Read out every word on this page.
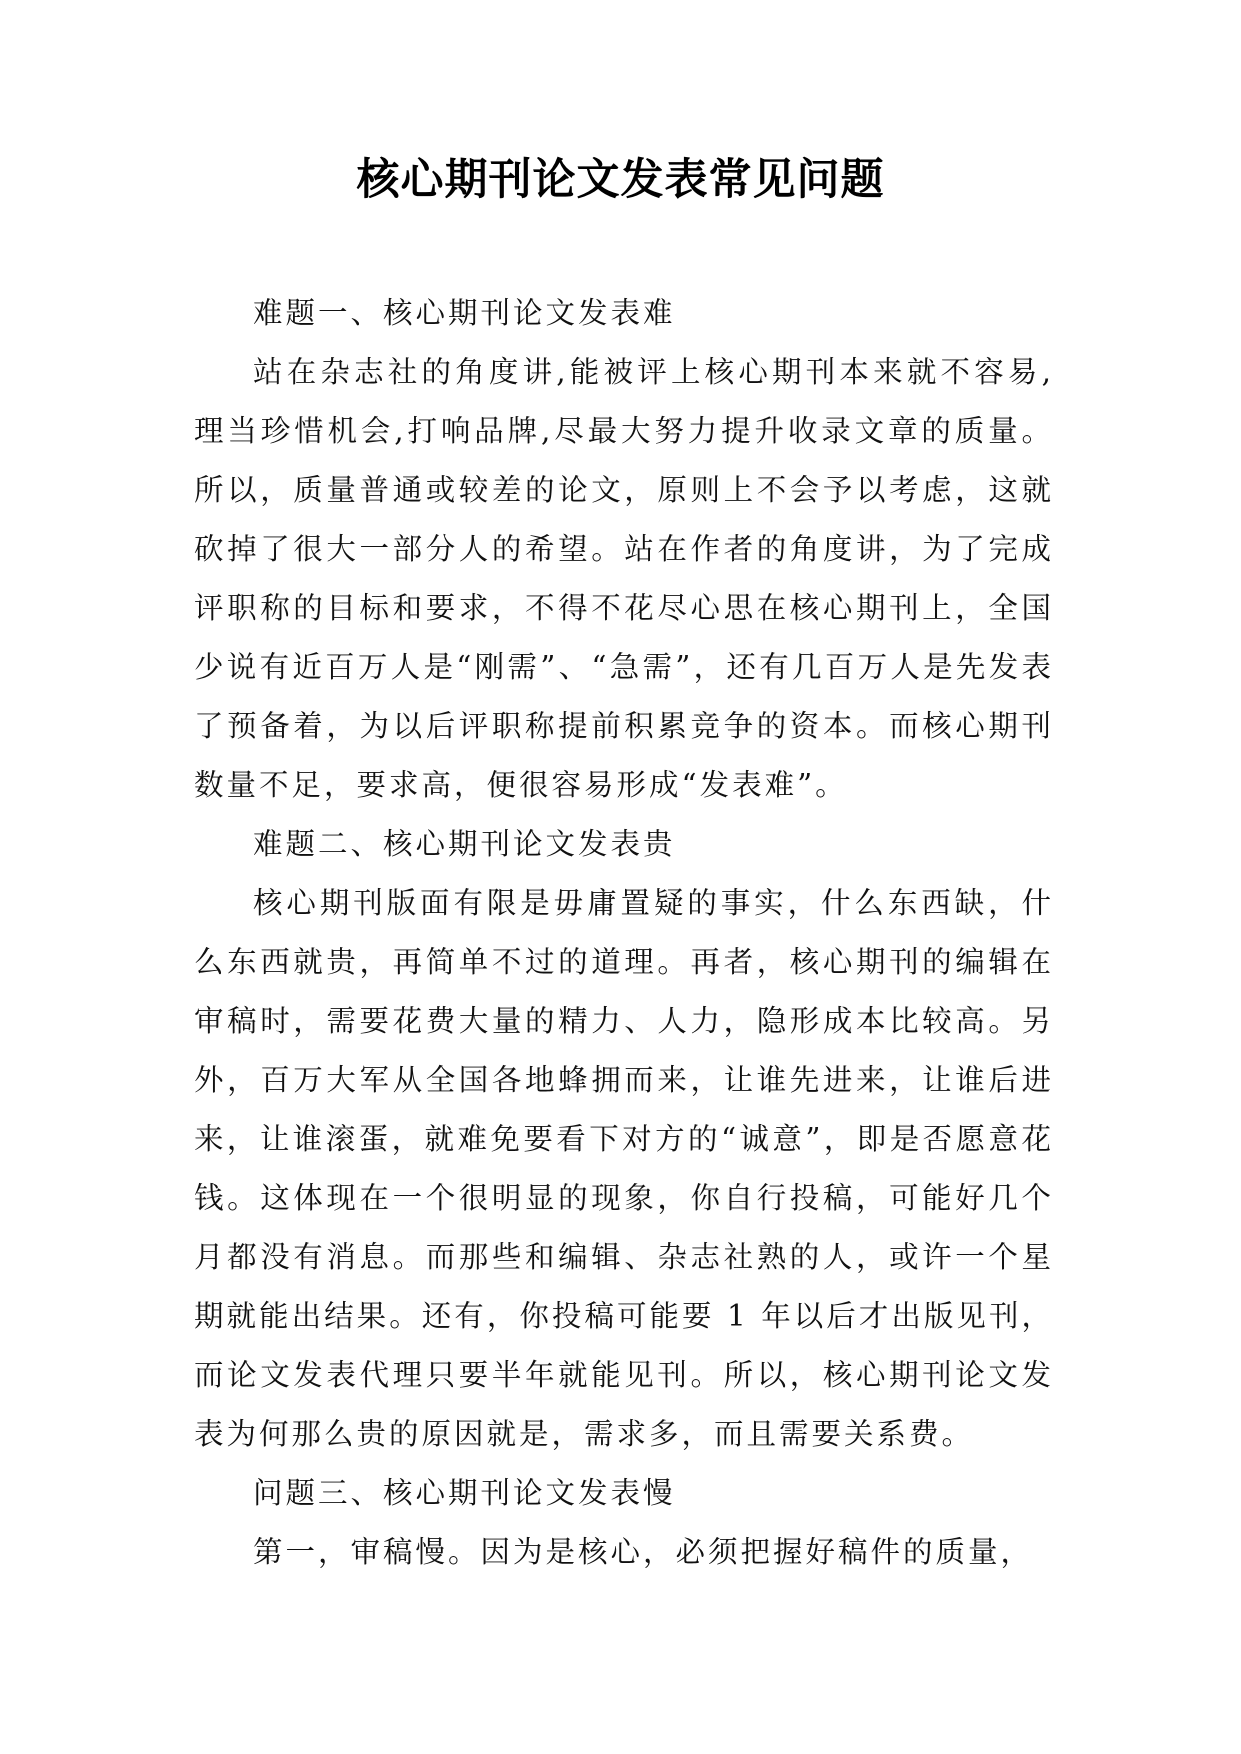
核心期刊论文发表常见问题

难题一、核心期刊论文发表难

站在杂志社的角度讲,能被评上核心期刊本来就不容易,理当珍惜机会,打响品牌,尽最大努力提升收录文章的质量。所以，质量普通或较差的论文，原则上不会予以考虑，这就砍掉了很大一部分人的希望。站在作者的角度讲，为了完成评职称的目标和要求，不得不花尽心思在核心期刊上，全国少说有近百万人是“刚需”、“急需”，还有几百万人是先发表了预备着，为以后评职称提前积累竞争的资本。而核心期刊数量不足，要求高，便很容易形成“发表难”。

难题二、核心期刊论文发表贵

核心期刊版面有限是毋庸置疑的事实，什么东西缺，什么东西就贵，再简单不过的道理。再者，核心期刊的编辑在审稿时，需要花费大量的精力、人力，隐形成本比较高。另外，百万大军从全国各地蜂拥而来，让谁先进来，让谁后进来，让谁滚蛋，就难免要看下对方的“诚意”，即是否愿意花钱。这体现在一个很明显的现象，你自行投稿，可能好几个月都没有消息。而那些和编辑、杂志社熟的人，或许一个星期就能出结果。还有，你投稿可能要 1 年以后才出版见刊，而论文发表代理只要半年就能见刊。所以，核心期刊论文发表为何那么贵的原因就是，需求多，而且需要关系费。

问题三、核心期刊论文发表慢

第一，审稿慢。因为是核心，必须把握好稿件的质量，
